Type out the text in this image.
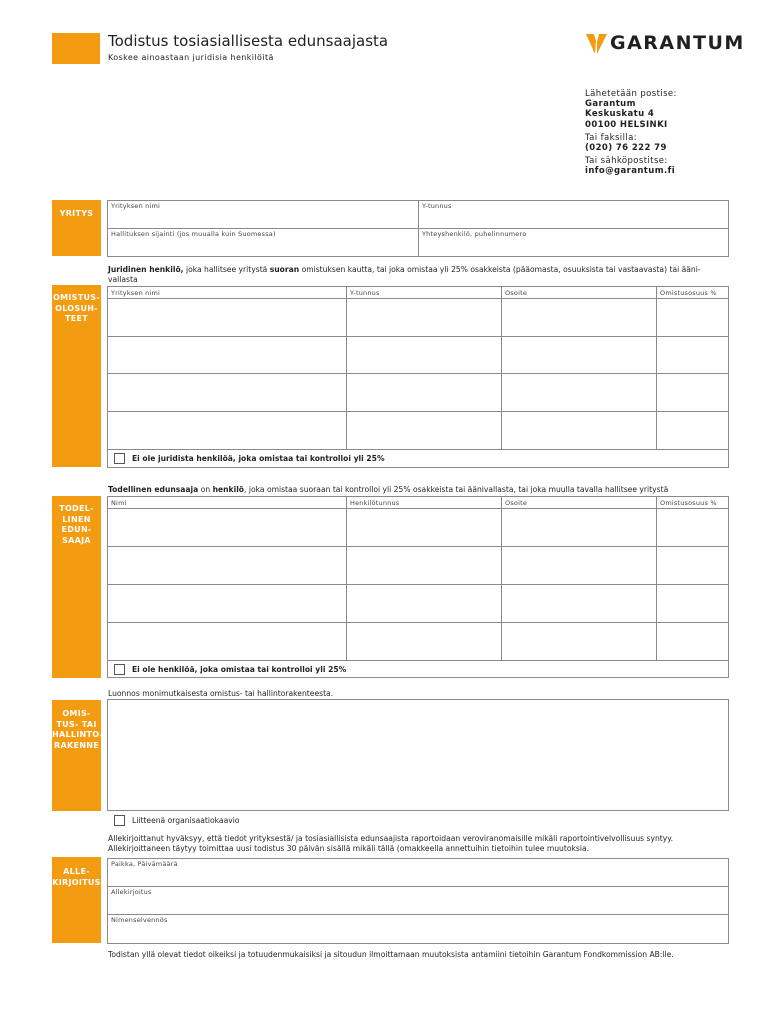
Todistus tosiasiallisesta edunsaajasta
Koskee ainoastaan juridisia henkilöitä
GARANTUM
Lähetetään postise:
Garantum
Keskuskatu 4
00100 HELSINKI
Tai faksilla:
(020) 76 222 79
Tai sähköpostitse:
info@garantum.fi
YRITYS
OMISTUS-
OLOSUH-
TEET
TODEL-
LINEN
EDUN-
SAAJA
OMIS-
TUS- TAI
HALLINTO-
RAKENNE
ALLE-
KIRJOITUS
Yrityksen nimi	Y-tunnus
Hallituksen sijainti (jos muualla kuin Suomessa)	Yhteyshenkilö, puhelinnumero
Juridinen henkilö, joka hallitsee yritystä suoran omistuksen kautta, tai joka omistaa yli 25% osakkeista (pääomasta, osuuksista tai vastaavasta) tai ääni-
vallasta
Yrityksen nimi	Y-tunnus	Osoite	Omistusosuus %
Ei ole juridista henkilöä, joka omistaa tai kontrolloi yli 25%
Todellinen edunsaaja on henkilö, joka omistaa suoraan tai kontrolloi yli 25% osakkeista tai äänivallasta, tai joka muulla tavalla hallitsee yritystä
Nimi	Henkilötunnus	Osoite	Omistusosuus %
Ei ole henkilöä, joka omistaa tai kontrolloi yli 25%
Luonnos monimutkaisesta omistus- tai hallintorakenteesta.
Liitteenä organisaatiokaavio
Allekirjoittanut hyväksyy, että tiedot yrityksestä/ ja tosiasiallisista edunsaajista raportoidaan veroviranomaisille mikäli raportointivelvollisuus syntyy.
Allekirjoittaneen täytyy toimittaa uusi todistus 30 päivän sisällä mikäli tällä (omakkeella annettuihin tietoihin tulee muutoksia.
Paikka, Päivämäärä
Allekirjoitus
Nimenselvennös
Todistan yllä olevat tiedot oikeiksi ja totuudenmukaisiksi ja sitoudun ilmoittamaan muutoksista antamiini tietoihin Garantum Fondkommission AB:lle.
